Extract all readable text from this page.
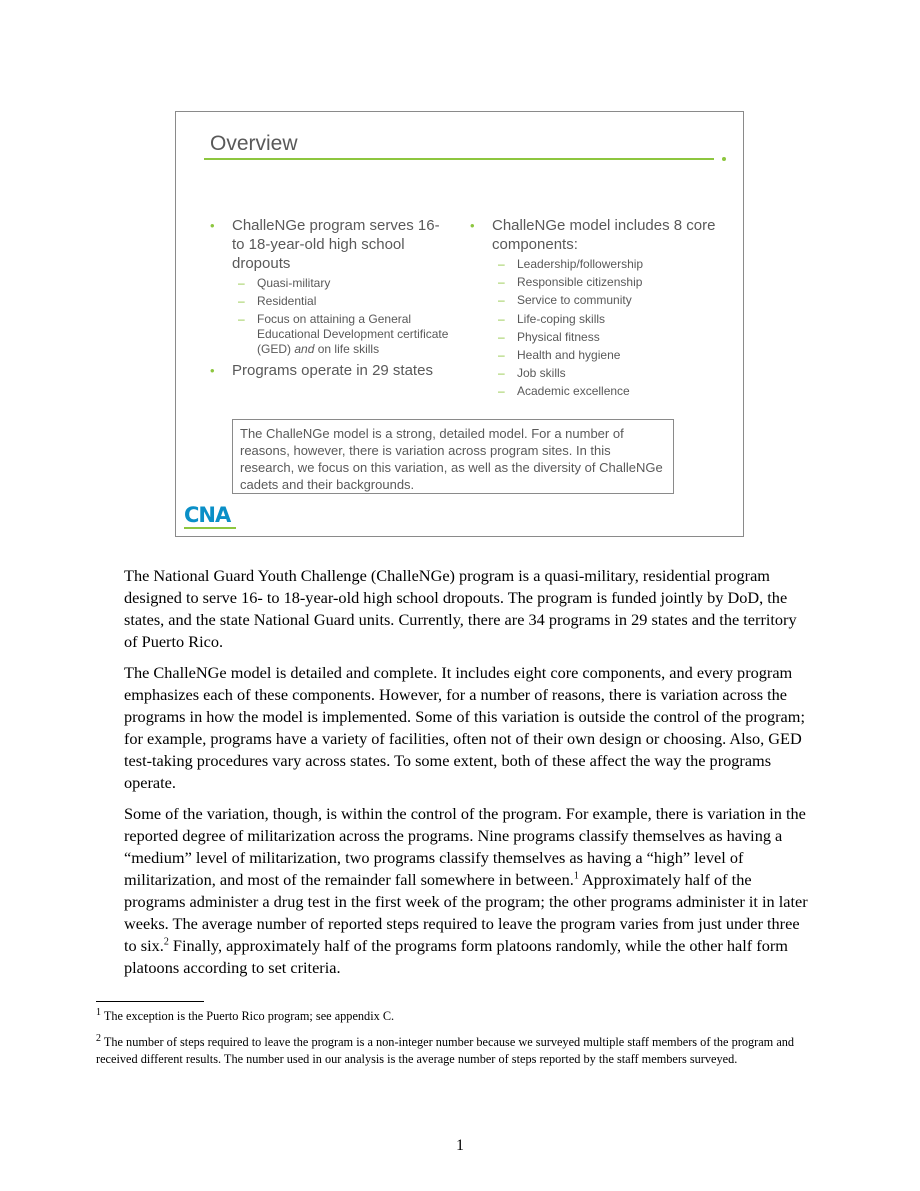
Overview
• ChalleNGe program serves 16- to 18-year-old high school dropouts
– Quasi-military
– Residential
– Focus on attaining a General Educational Development certificate (GED) and on life skills
• Programs operate in 29 states
• ChalleNGe model includes 8 core components:
– Leadership/followership
– Responsible citizenship
– Service to community
– Life-coping skills
– Physical fitness
– Health and hygiene
– Job skills
– Academic excellence
The ChalleNGe model is a strong, detailed model. For a number of reasons, however, there is variation across program sites. In this research, we focus on this variation, as well as the diversity of ChalleNGe cadets and their backgrounds.
CNA

The National Guard Youth Challenge (ChalleNGe) program is a quasi-military, residential program designed to serve 16- to 18-year-old high school dropouts. The program is funded jointly by DoD, the states, and the state National Guard units. Currently, there are 34 programs in 29 states and the territory of Puerto Rico.

The ChalleNGe model is detailed and complete. It includes eight core components, and every program emphasizes each of these components. However, for a number of reasons, there is variation across the programs in how the model is implemented. Some of this variation is outside the control of the program; for example, programs have a variety of facilities, often not of their own design or choosing. Also, GED test-taking procedures vary across states. To some extent, both of these affect the way the programs operate.

Some of the variation, though, is within the control of the program. For example, there is variation in the reported degree of militarization across the programs. Nine programs classify themselves as having a “medium” level of militarization, two programs classify themselves as having a “high” level of militarization, and most of the remainder fall somewhere in between.$^1$ Approximately half of the programs administer a drug test in the first week of the program; the other programs administer it in later weeks. The average number of reported steps required to leave the program varies from just under three to six.$^2$ Finally, approximately half of the programs form platoons randomly, while the other half form platoons according to set criteria.

$^1$ The exception is the Puerto Rico program; see appendix C.
$^2$ The number of steps required to leave the program is a non-integer number because we surveyed multiple staff members of the program and received different results. The number used in our analysis is the average number of steps reported by the staff members surveyed.
1
